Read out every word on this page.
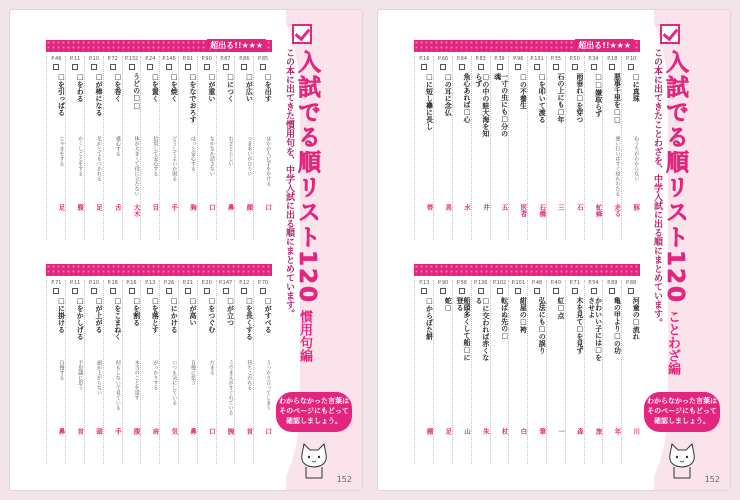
入試でる順リスト120
慣用句編
この本に出てきた慣用句を、中学入試に出る順にまとめています。
超出る!!★★★
P.85
□を出す
ほかの人に手をかける
口
P.86
□が広い
つきあいがひろい
顔
P.87
□につく
わざとらしい
鼻
P.90
□が重い
なかなか話さない
口
P.91
□をなでおろす
ほっと安心する
胸
P.146
□を焼く
どうしてよいか困る
手
P.24
□を置く
信用して安心する
目
P.132
うどの□□
体が大きくて役に立たない
大木
P.72
□を巻く
感心する
舌
P.10
□が棒になる
足がとてもつかれる
足
P.11
□をわる
かくしごとをする
腹
P.46
□を引っぱる
じゃまをする
足
P.70
□がすべる
うっかり言ってしまう
口
P.12
□を長くする
待ちこがれる
首
P.147
□が立つ
うでまえがすぐれている
腕
P.20
□をつぐむ
だまる
口
P.21
□が高い
自慢に思う
鼻
P.26
□にかける
いつも気にしている
気
P.13
□を落とす
がっかりする
肩
P.16
□を割る
本当のことを話す
腹
P.28
□をこまねく
何もしないで見ている
手
P.10
□が上がる
頭が上がらない
頭
P.11
□をかしげる
不思議に思う
首
P.71
□に掛ける
自慢する
鼻
わからなかった言葉は
そのページにもどって
確認しましょう。
152
入試でる順リスト120
ことわざ編
この本に出てきたことわざを、中学入試に出る順にまとめています。
超出る!!★★★
P.10
□に真珠
ねうちがわからない
豚
P.18
悪事千里を□□
悪い行いはすぐ知れわたる
走る
P.34
□□嫌取らず
虻蜂
P.50
雨垂れ□を穿つ
石
P.35
石の上にも□年
三
P.131
□を叩いて渡る
石橋
P.96
□の不養生
医者
P.39
一寸の虫にも□分の魂
五
P.83
□の中の蛙大海を知らず
井
P.84
魚心あれば□心
水
P.66
□の耳に念仏
馬
P.16
□に短し襷に長し
帯
P.88
河童の□流れ
川
P.89
亀の甲より□の功
年
P.54
かわいい子には□をさせよ
旅
P.71
木を見て□を見ず
森
P.40
紅□点
一
P.48
弘法にも□の誤り
筆
P.101
紺屋の□袴
白
P.102
転ばぬ先の□
杖
P.136
□に交われば赤くなる
朱
P.56
船頭多くして船□に登る
山
P.90
蛇□
足
P.13
□からぼた餅
棚
わからなかった言葉は
そのページにもどって
確認しましょう。
152
